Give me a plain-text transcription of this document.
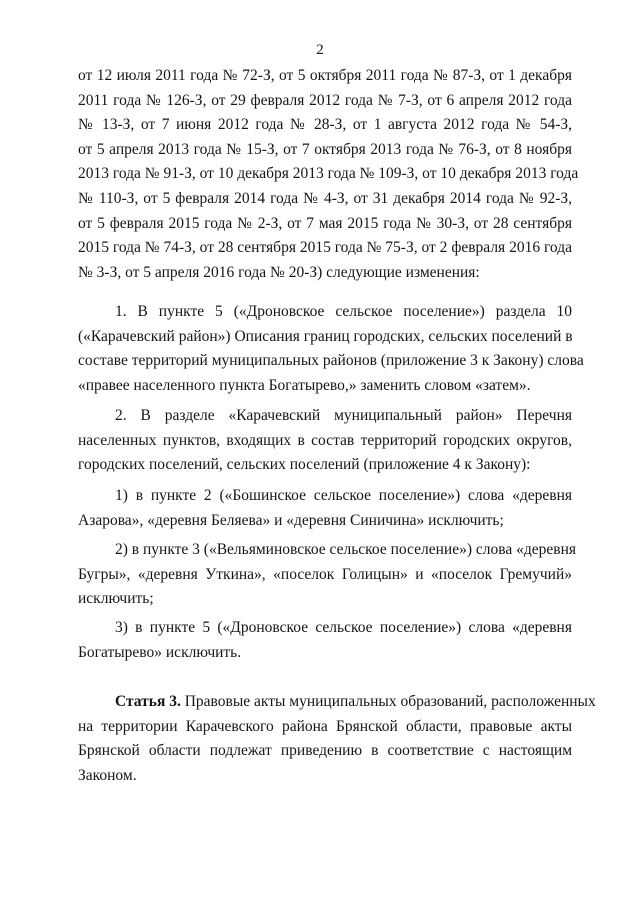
2
от 12 июля 2011 года № 72-З, от 5 октября 2011 года № 87-З, от 1 декабря
2011 года № 126-З, от 29 февраля 2012 года № 7-З, от 6 апреля 2012 года
№ 13-З, от 7 июня 2012 года № 28-З, от 1 августа 2012 года № 54-З,
от 5 апреля 2013 года № 15-З, от 7 октября 2013 года № 76-З, от 8 ноября
2013 года № 91-З, от 10 декабря 2013 года № 109-З, от 10 декабря 2013 года
№ 110-З, от 5 февраля 2014 года № 4-З, от 31 декабря 2014 года № 92-З,
от 5 февраля 2015 года № 2-З, от 7 мая 2015 года № 30-З, от 28 сентября
2015 года № 74-З, от 28 сентября 2015 года № 75-З, от 2 февраля 2016 года
№ 3-З, от 5 апреля 2016 года № 20-З) следующие изменения:
1. В пункте 5 («Дроновское сельское поселение») раздела 10
(«Карачевский район») Описания границ городских, сельских поселений в
составе территорий муниципальных районов (приложение 3 к Закону) слова
«правее населенного пункта Богатырево,» заменить словом «затем».
2. В разделе «Карачевский муниципальный район» Перечня
населенных пунктов, входящих в состав территорий городских округов,
городских поселений, сельских поселений (приложение 4 к Закону):
1) в пункте 2 («Бошинское сельское поселение») слова «деревня
Азарова», «деревня Беляева» и «деревня Синичина» исключить;
2) в пункте 3 («Вельяминовское сельское поселение») слова «деревня
Бугры», «деревня Уткина», «поселок Голицын» и «поселок Гремучий»
исключить;
3) в пункте 5 («Дроновское сельское поселение») слова «деревня
Богатырево» исключить.
Статья 3. Правовые акты муниципальных образований, расположенных
на территории Карачевского района Брянской области, правовые акты
Брянской области подлежат приведению в соответствие с настоящим
Законом.
